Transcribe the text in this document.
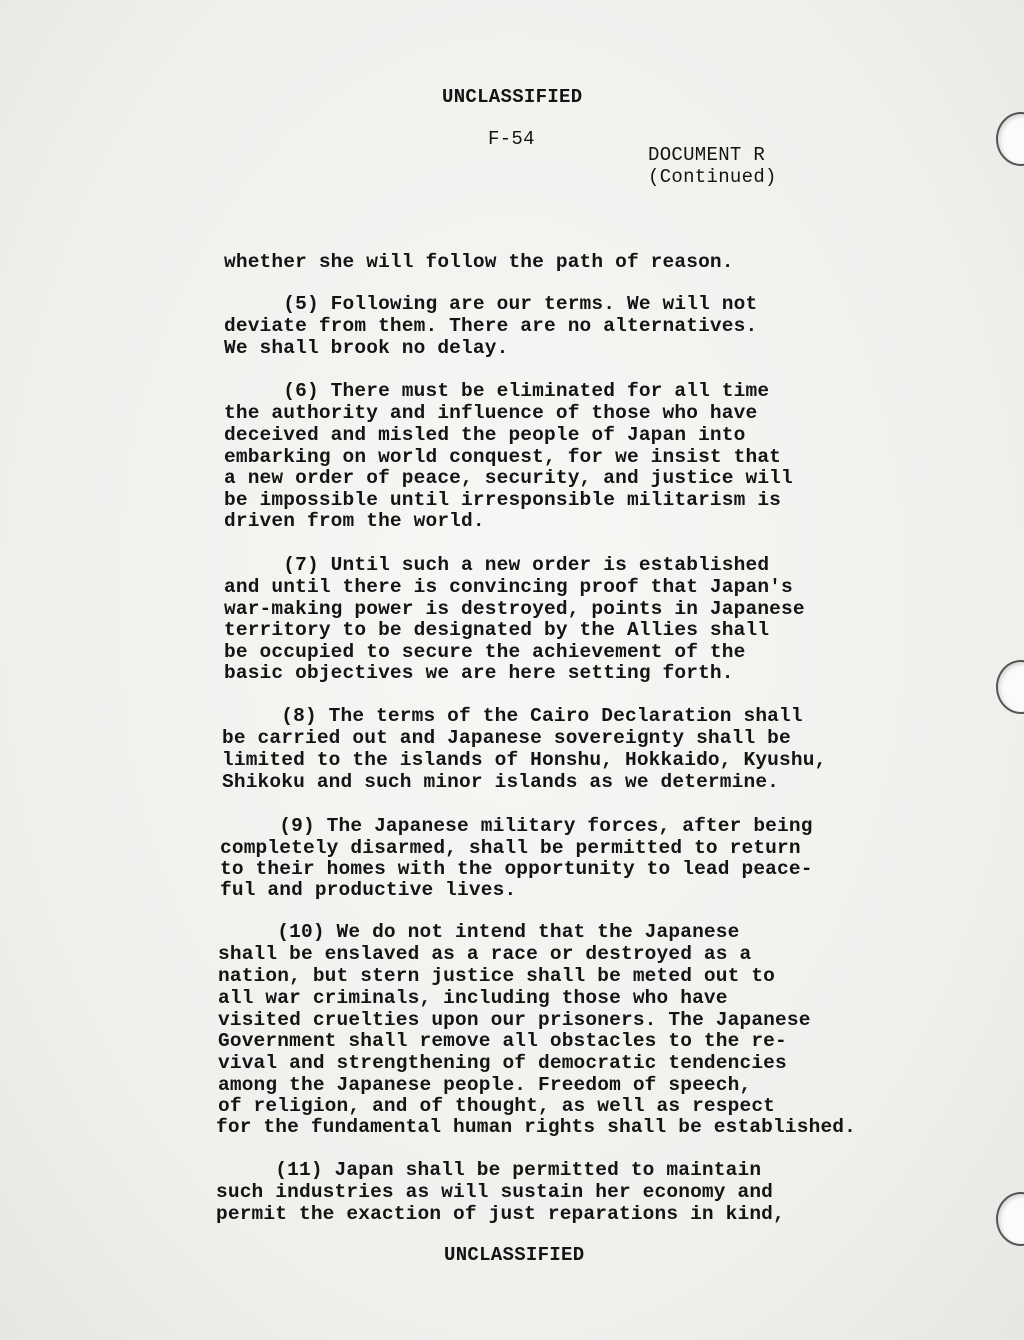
UNCLASSIFIED
F-54
DOCUMENT R
(Continued)
whether she will follow the path of reason.
(5) Following are our terms. We will not
deviate from them. There are no alternatives.
We shall brook no delay.
(6) There must be eliminated for all time
the authority and influence of those who have
deceived and misled the people of Japan into
embarking on world conquest, for we insist that
a new order of peace, security, and justice will
be impossible until irresponsible militarism is
driven from the world.
(7) Until such a new order is established
and until there is convincing proof that Japan's
war-making power is destroyed, points in Japanese
territory to be designated by the Allies shall
be occupied to secure the achievement of the
basic objectives we are here setting forth.
(8) The terms of the Cairo Declaration shall
be carried out and Japanese sovereignty shall be
limited to the islands of Honshu, Hokkaido, Kyushu,
Shikoku and such minor islands as we determine.
(9) The Japanese military forces, after being
completely disarmed, shall be permitted to return
to their homes with the opportunity to lead peace-
ful and productive lives.
(10) We do not intend that the Japanese
shall be enslaved as a race or destroyed as a
nation, but stern justice shall be meted out to
all war criminals, including those who have
visited cruelties upon our prisoners. The Japanese
Government shall remove all obstacles to the re-
vival and strengthening of democratic tendencies
among the Japanese people. Freedom of speech,
of religion, and of thought, as well as respect
for the fundamental human rights shall be established.
(11) Japan shall be permitted to maintain
such industries as will sustain her economy and
permit the exaction of just reparations in kind,
UNCLASSIFIED
